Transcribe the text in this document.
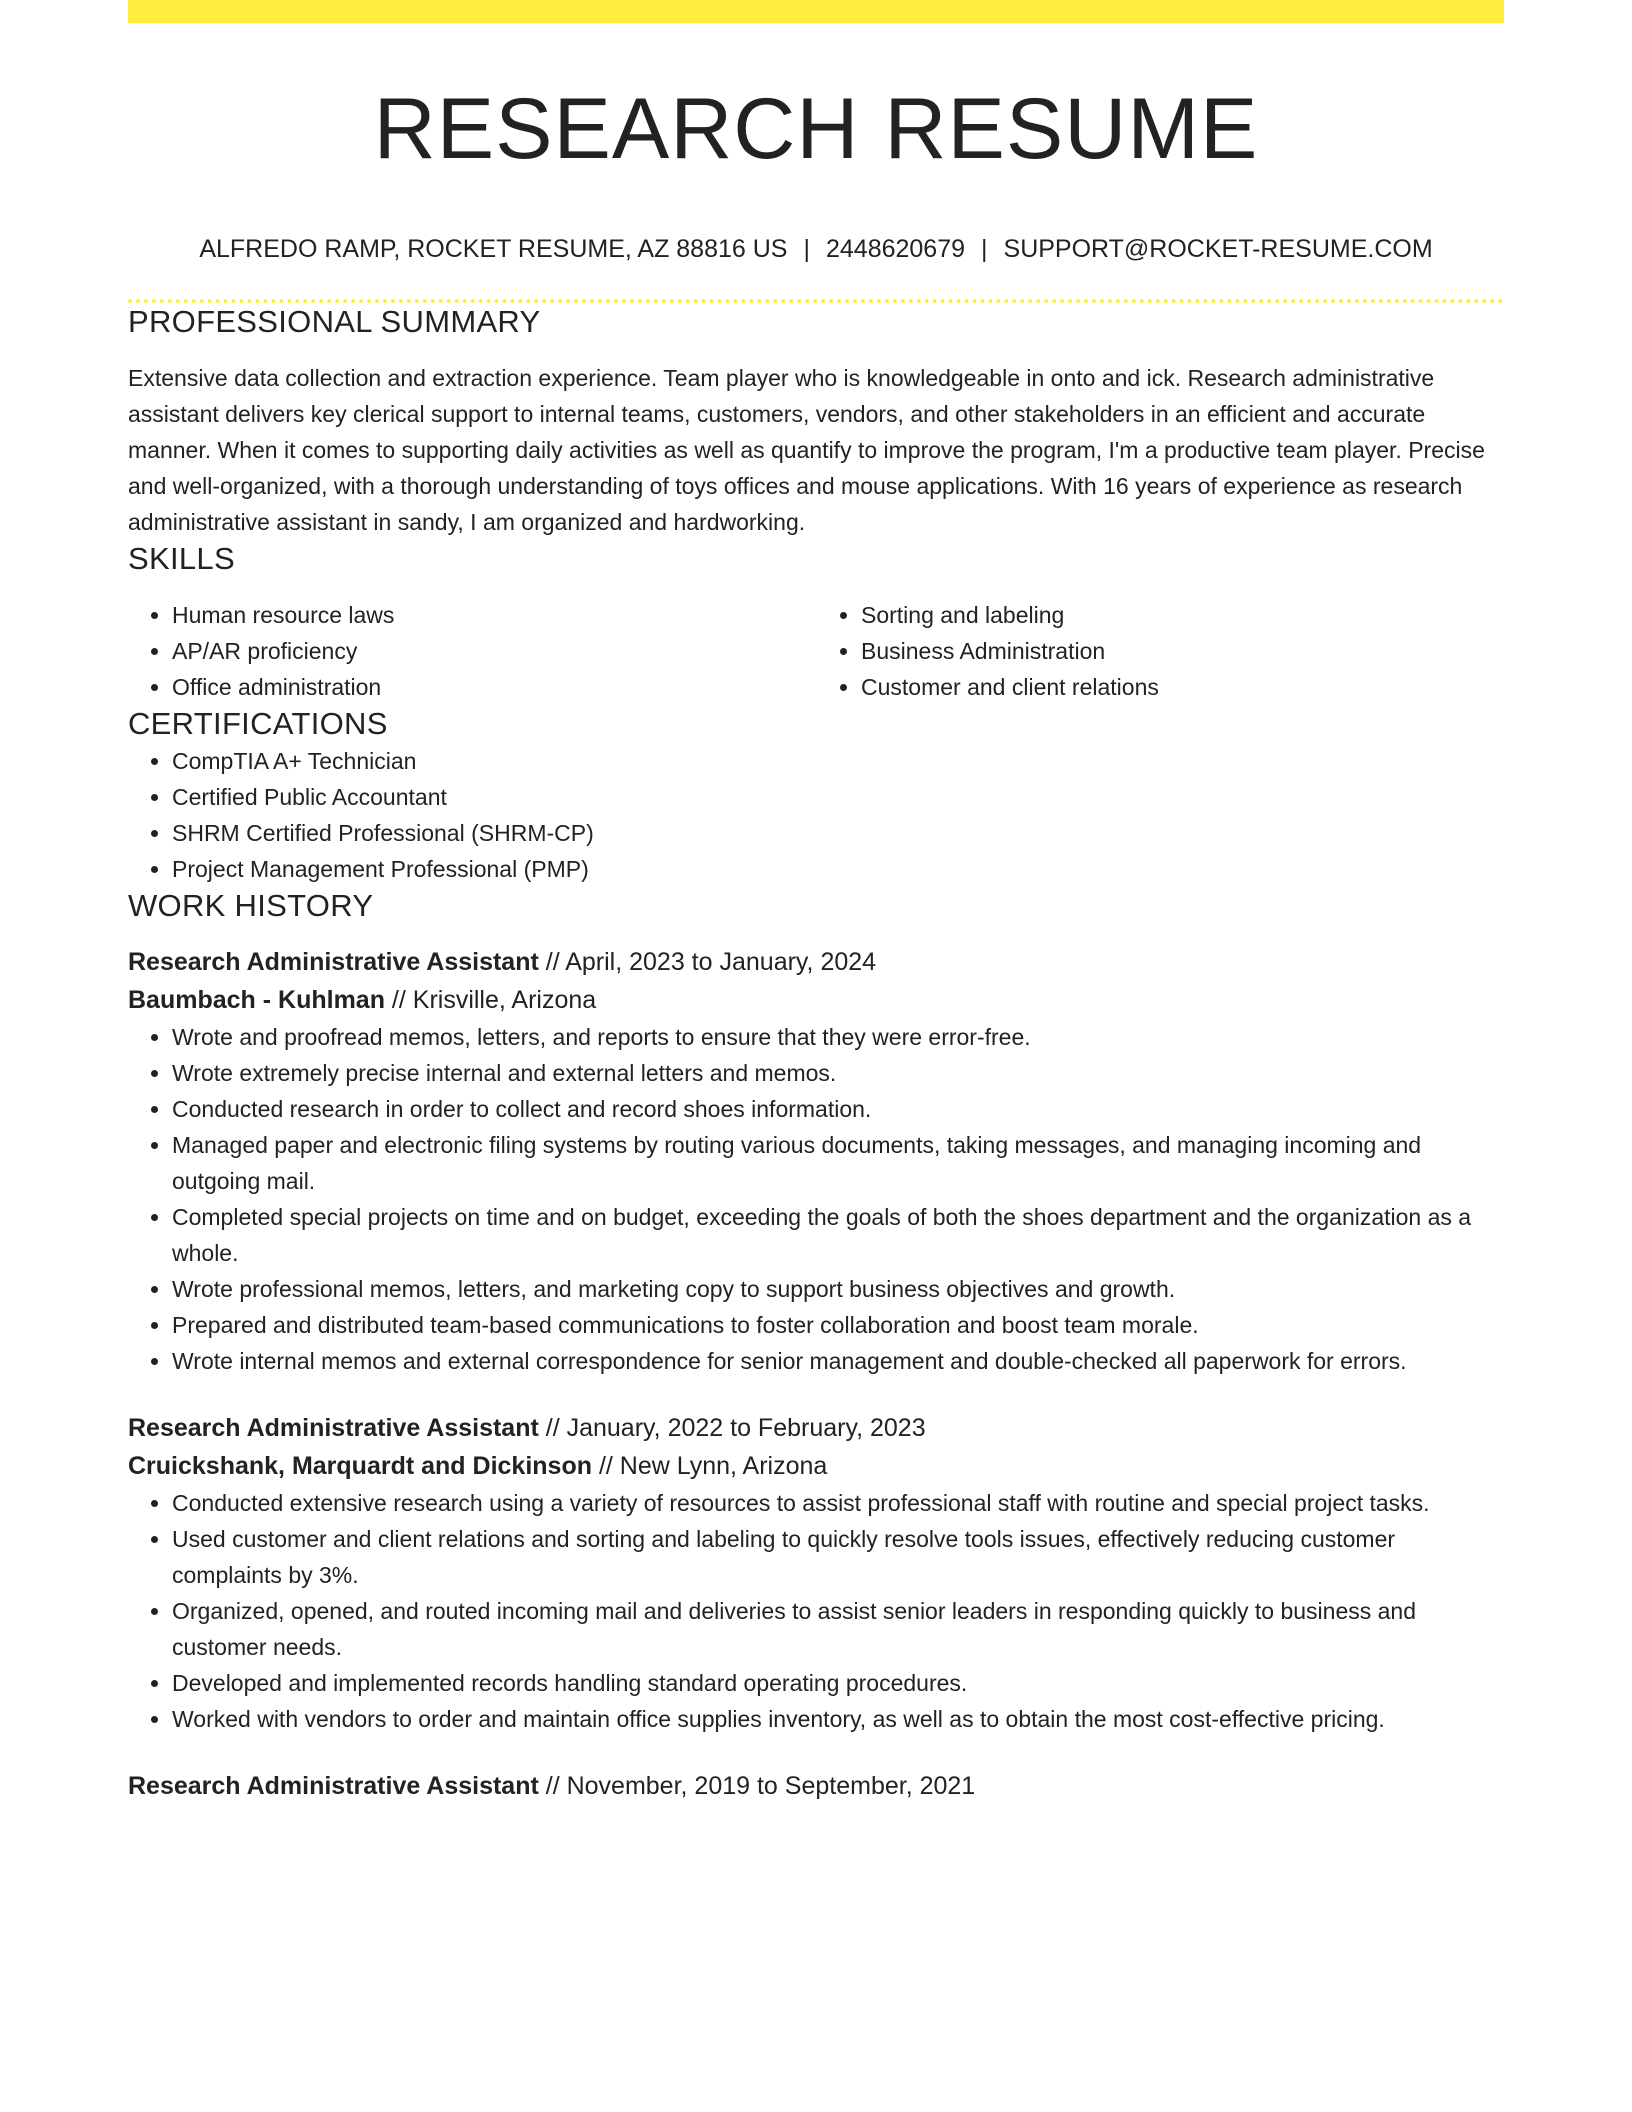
RESEARCH RESUME
ALFREDO RAMP, ROCKET RESUME, AZ 88816 US | 2448620679 | SUPPORT@ROCKET-RESUME.COM
PROFESSIONAL SUMMARY

Extensive data collection and extraction experience. Team player who is knowledgeable in onto and ick. Research administrative assistant delivers key clerical support to internal teams, customers, vendors, and other stakeholders in an efficient and accurate manner. When it comes to supporting daily activities as well as quantify to improve the program, I'm a productive team player. Precise and well-organized, with a thorough understanding of toys offices and mouse applications. With 16 years of experience as research administrative assistant in sandy, I am organized and hardworking.

SKILLS
• Human resource laws
• AP/AR proficiency
• Office administration
• Sorting and labeling
• Business Administration
• Customer and client relations
CERTIFICATIONS
• CompTIA A+ Technician
• Certified Public Accountant
• SHRM Certified Professional (SHRM-CP)
• Project Management Professional (PMP)
WORK HISTORY
Research Administrative Assistant // April, 2023 to January, 2024
Baumbach - Kuhlman // Krisville, Arizona
• Wrote and proofread memos, letters, and reports to ensure that they were error-free.
• Wrote extremely precise internal and external letters and memos.
• Conducted research in order to collect and record shoes information.
• Managed paper and electronic filing systems by routing various documents, taking messages, and managing incoming and outgoing mail.
• Completed special projects on time and on budget, exceeding the goals of both the shoes department and the organization as a whole.
• Wrote professional memos, letters, and marketing copy to support business objectives and growth.
• Prepared and distributed team-based communications to foster collaboration and boost team morale.
• Wrote internal memos and external correspondence for senior management and double-checked all paperwork for errors.
Research Administrative Assistant // January, 2022 to February, 2023
Cruickshank, Marquardt and Dickinson // New Lynn, Arizona
• Conducted extensive research using a variety of resources to assist professional staff with routine and special project tasks.
• Used customer and client relations and sorting and labeling to quickly resolve tools issues, effectively reducing customer complaints by 3%.
• Organized, opened, and routed incoming mail and deliveries to assist senior leaders in responding quickly to business and customer needs.
• Developed and implemented records handling standard operating procedures.
• Worked with vendors to order and maintain office supplies inventory, as well as to obtain the most cost-effective pricing.
Research Administrative Assistant // November, 2019 to September, 2021
